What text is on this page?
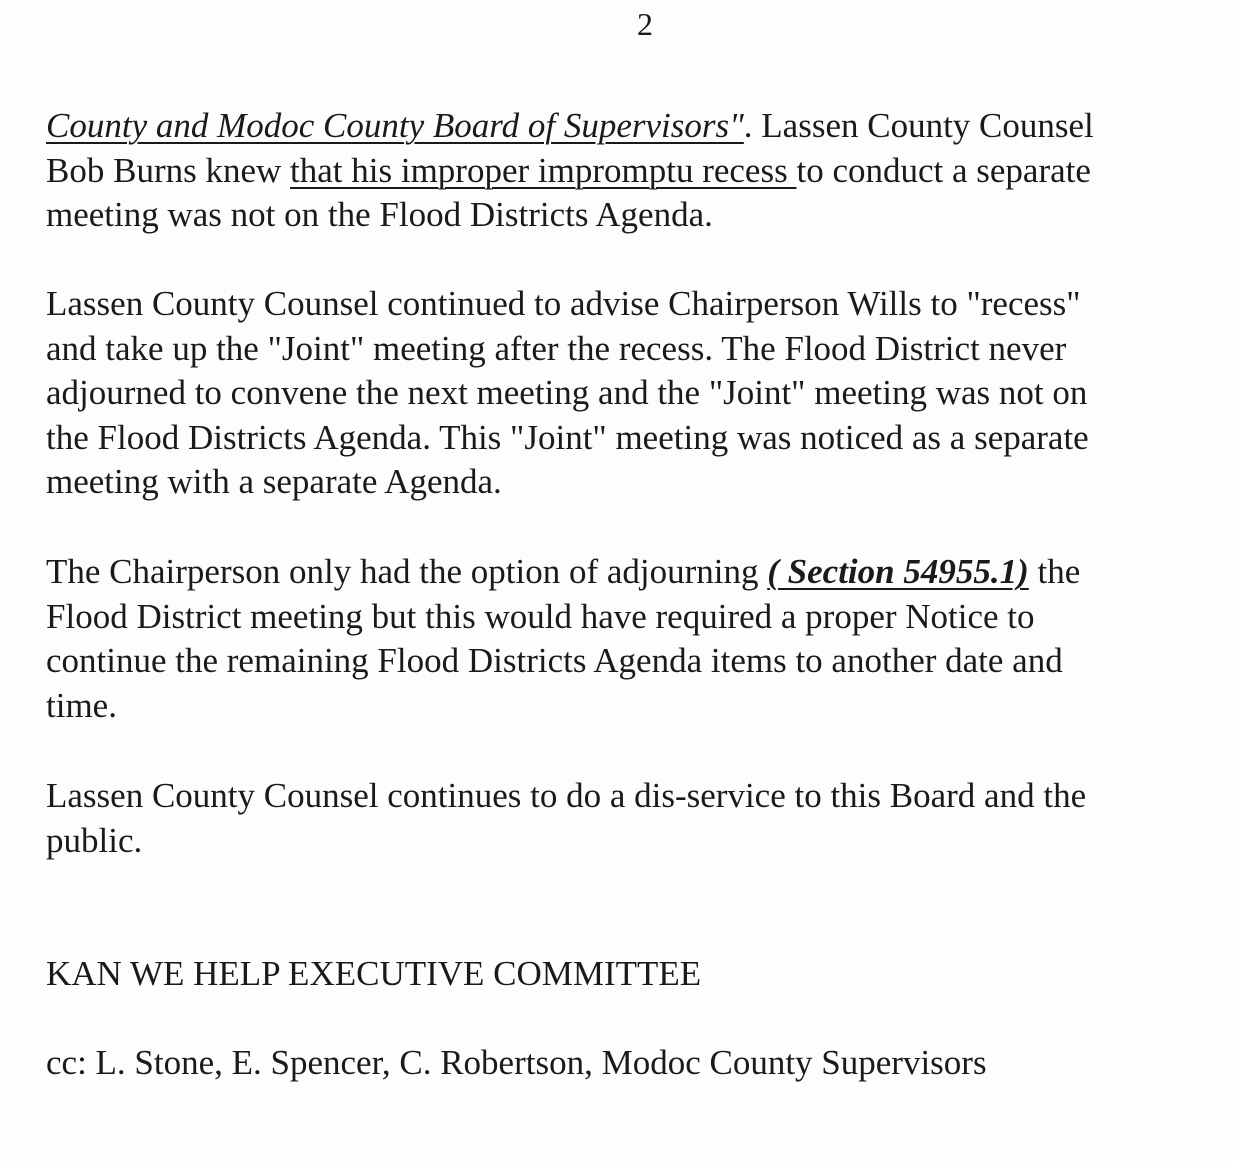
2

County and Modoc County Board of Supervisors". Lassen County Counsel
Bob Burns knew that his improper impromptu recess to conduct a separate
meeting was not on the Flood Districts Agenda.

Lassen County Counsel continued to advise Chairperson Wills to "recess"
and take up the "Joint" meeting after the recess. The Flood District never
adjourned to convene the next meeting and the "Joint" meeting was not on
the Flood Districts Agenda. This "Joint" meeting was noticed as a separate
meeting with a separate Agenda.

The Chairperson only had the option of adjourning ( Section 54955.1) the
Flood District meeting but this would have required a proper Notice to
continue the remaining Flood Districts Agenda items to another date and
time.

Lassen County Counsel continues to do a dis-service to this Board and the
public.

KAN WE HELP EXECUTIVE COMMITTEE

cc: L. Stone, E. Spencer, C. Robertson, Modoc County Supervisors
